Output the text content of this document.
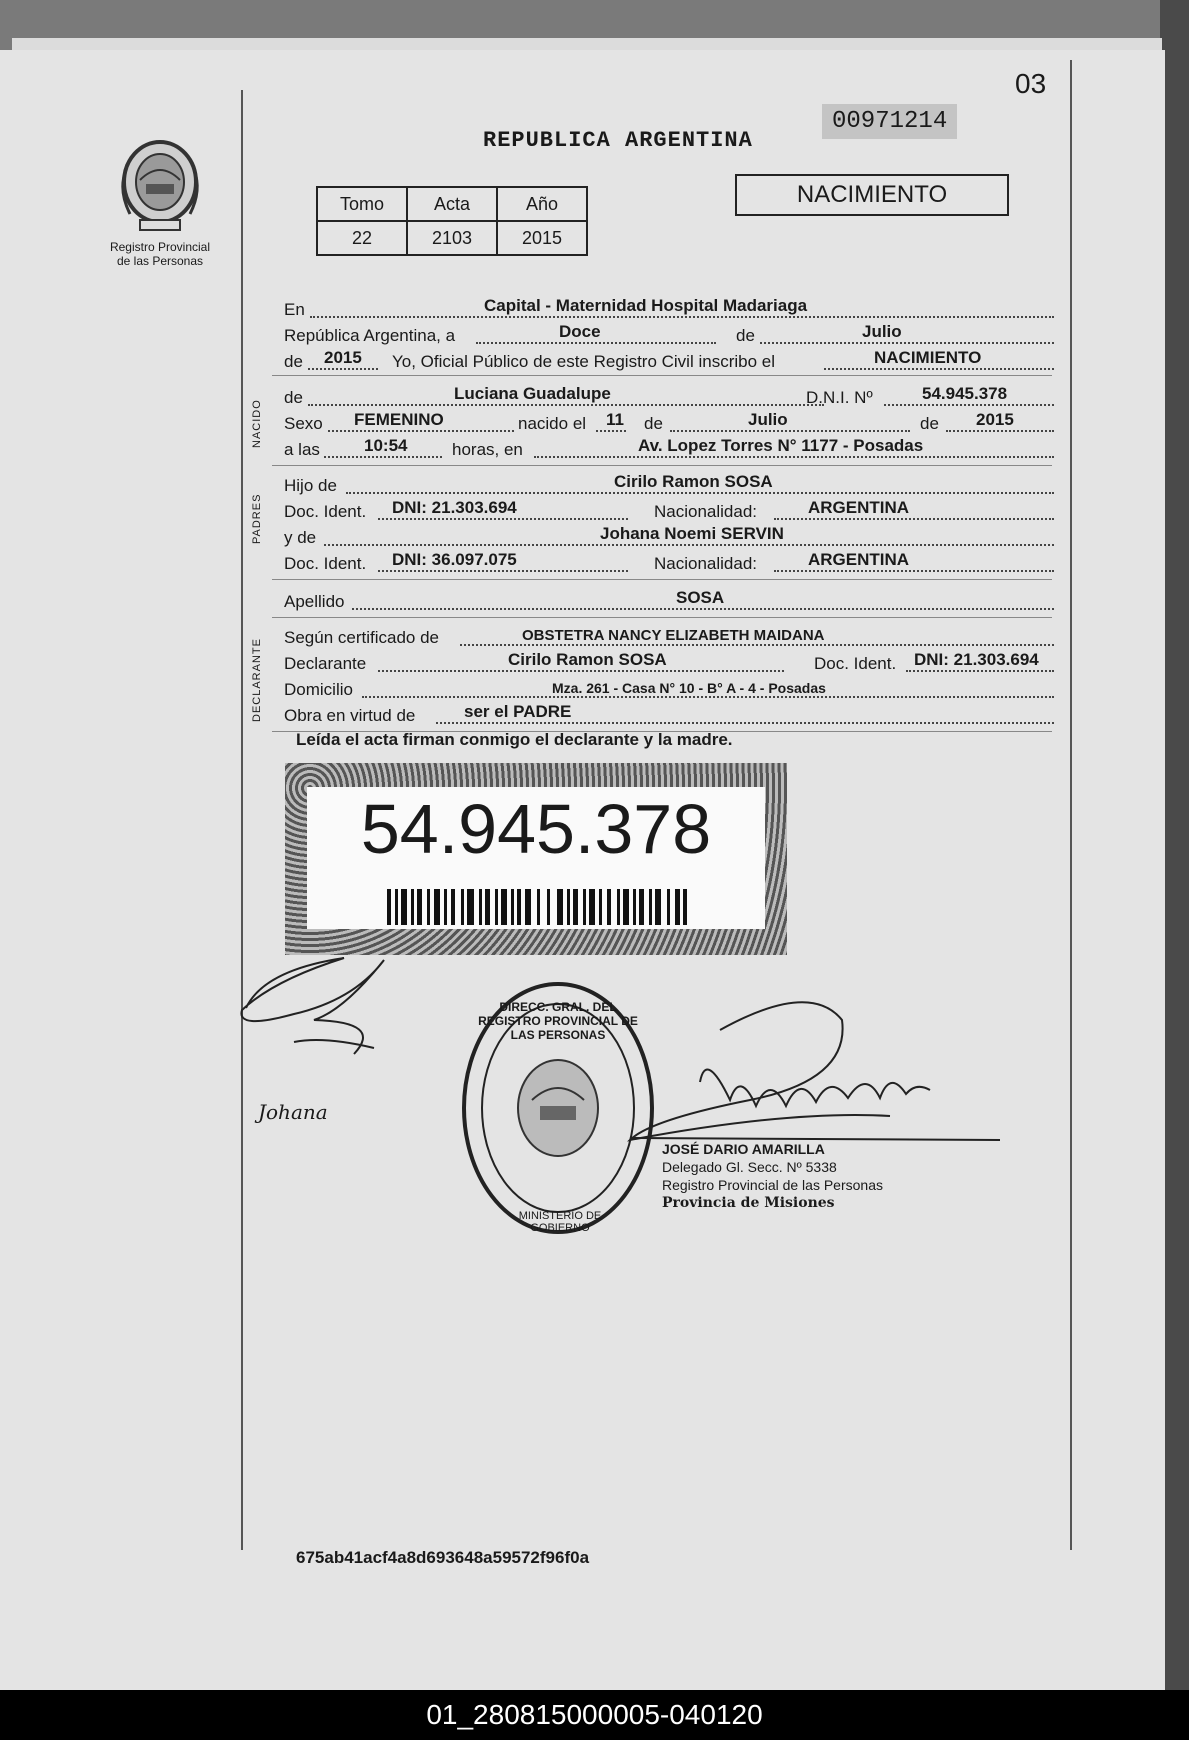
03
Registro Provincial
de las Personas
REPUBLICA ARGENTINA
00971214
Tomo	Acta	Año
22	2103	2015
NACIMIENTO
En	Capital - Maternidad Hospital Madariaga
República Argentina, a	Doce	de	Julio
de 2015 Yo, Oficial Público de este Registro Civil inscribo el	NACIMIENTO
NACIDO
de	Luciana Guadalupe	D.N.I. Nº	54.945.378
Sexo FEMENINO	nacido el 11 de	Julio	de 2015
a las	10:54	horas, en	Av. Lopez Torres N° 1177 - Posadas
PADRES
Hijo de	Cirilo Ramon SOSA
Doc. Ident. DNI: 21.303.694	Nacionalidad:	ARGENTINA
y de	Johana Noemi SERVIN
Doc. Ident. DNI: 36.097.075	Nacionalidad:	ARGENTINA
Apellido	SOSA
DECLARANTE
Según certificado de	OBSTETRA NANCY ELIZABETH MAIDANA
Declarante	Cirilo Ramon SOSA	Doc. Ident. DNI: 21.303.694
Domicilio	Mza. 261 - Casa N° 10 - B° A - 4 - Posadas
Obra en virtud de	ser el PADRE
Leída el acta firman conmigo el declarante y la madre.
54.945.378
Johana
DIRECC. GRAL. DEL REGISTRO PROVINCIAL DE LAS PERSONAS
MINISTERIO DE GOBIERNO
JOSÉ DARIO AMARILLA
Delegado Gl. Secc. Nº 5338
Registro Provincial de las Personas
Provincia de Misiones
675ab41acf4a8d693648a59572f96f0a
01_280815000005-040120
